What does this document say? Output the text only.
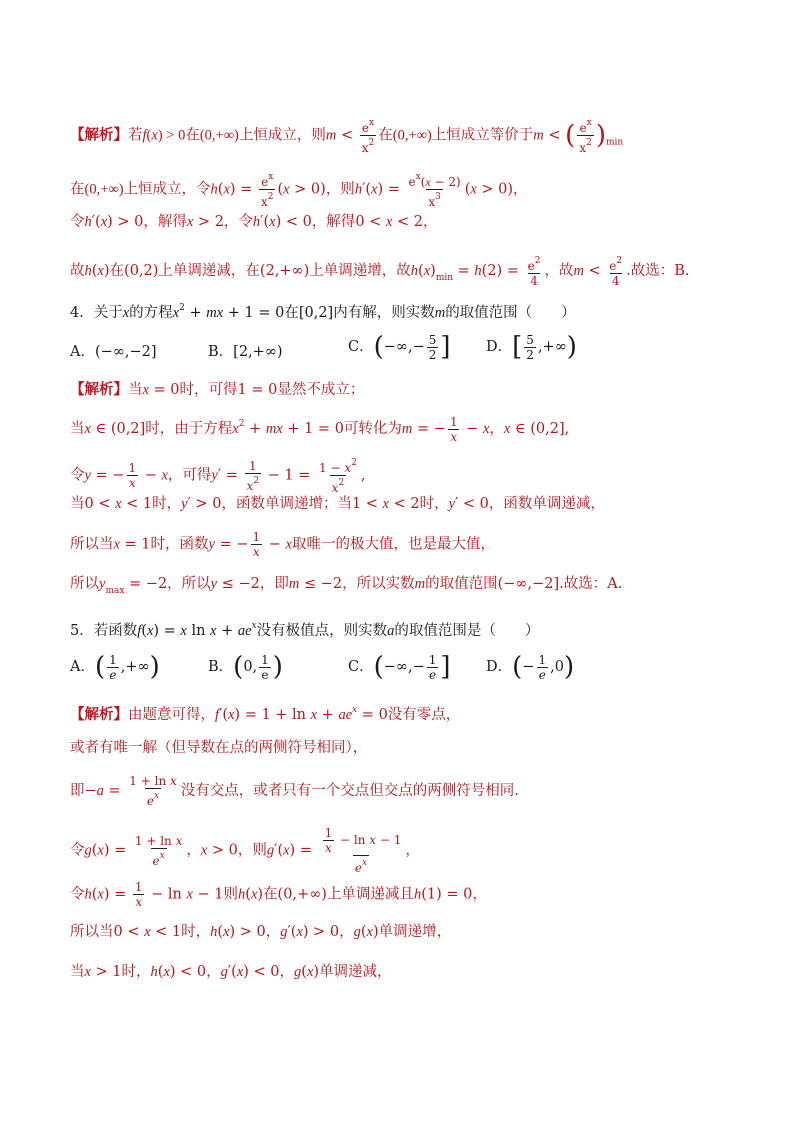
【解析】若f(x) > 0在(0,+∞)上恒成立，则$m < \frac{e^x}{x^2}$ 在(0,+∞)上恒成立等价于m < ( $\frac{e^x}{x^2} )_{min}$
在(0,+∞)上恒成立，令$h(x) = \frac{e^x}{x^2} (x > 0)$，则$h'(x) = \frac{e^x(x - 2)}{x^3} (x > 0)$，
令h′(x) > 0，解得x > 2，令h′(x) < 0，解得0 < x < 2，
故h(x)在(0,2)上单调递减，在(2,+∞)上单调递增，故$h(x)_{min} = h(2) = \frac{e^2}{4}$ ，故$m < \frac{e^2}{4}$ .故选：B.
4．关于x的方程$x^2$ + mx + 1 = 0在[0,2]内有解，则实数m的取值范围（　　）
A．(−∞,−2]	B．[2,+∞)	C．(−∞,− $\frac{5}{2}$ ] D．[ $\frac{5}{2}$ ,+∞)
【解析】当x = 0时，可得1 = 0显然不成立；
当x ∈ (0,2]时，由于方程$x^2$ + mx + 1 = 0可转化为m = − $\frac{1}{x} - x$，x ∈ (0,2],
令y = − $\frac{1}{x} - x$，可得$y' = \frac{1}{x^2} - 1 = \frac{1 - x^2}{x^2}$ ,
当0 < x < 1时，y′ > 0，函数单调递增；当1 < x < 2时，y′ < 0，函数单调递减，
所以当x = 1时，函数y = − $\frac{1}{x} - x$取唯一的极大值，也是最大值，
所以$y_{max} = -2$，所以y ≤ −2，即m ≤ −2，所以实数m的取值范围(−∞,−2].故选：A.
5．若函数f(x) = x $\ln x + ae^x$没有极值点，则实数a的取值范围是（　　）
A．( $\frac{1}{e}$ ,+∞)	B．(0, $\frac{1}{e}$ )	C．(−∞,− $\frac{1}{e}$ ] D．(− $\frac{1}{e} ,0$)
【解析】由题意可得，$f'(x) = 1 + \ln x + ae^x = 0$没有零点，
或者有唯一解（但导数在点的两侧符号相同），
即$-a = \frac{\text{1 + ln x}}{e^x}$ 没有交点，或者只有一个交点但交点的两侧符号相同.
令$g(x) = \frac{\text{1 + ln x}}{e^x}$ ，x > 0，则$g'(x) = \frac{\frac{1}{x} - \ln x - 1}{e^x}$ ，
令$h(x) = \frac{1}{x} - \ln x - 1$则h(x)在(0,+∞)上单调递减且h(1) = 0，
所以当0 < x < 1时，h(x) > 0，g′(x) > 0，g(x)单调递增，
当x > 1时，h(x) < 0，g′(x) < 0，g(x)单调递减，
